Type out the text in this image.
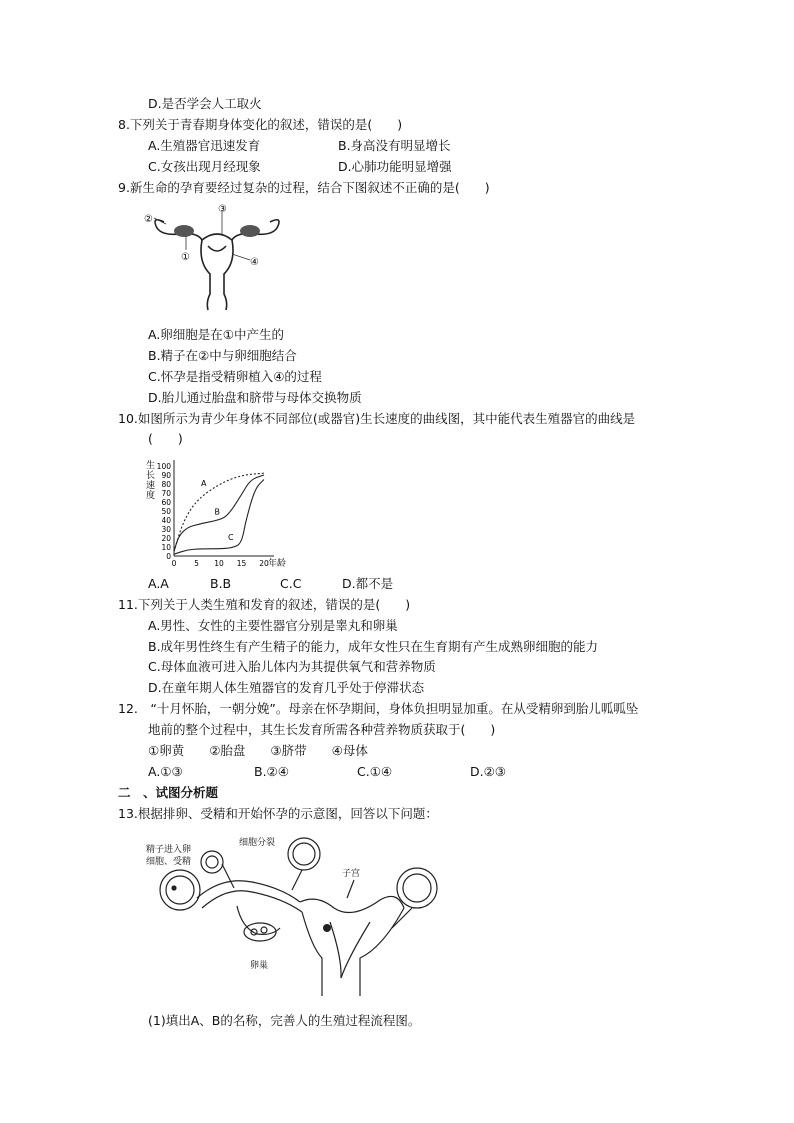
D.是否学会人工取火
8.下列关于青春期身体变化的叙述，错误的是(　　)
A.生殖器官迅速发育	B.身高没有明显增长
C.女孩出现月经现象	D.心肺功能明显增强
9.新生命的孕育要经过复杂的过程，结合下图叙述不正确的是(　　)
②
③
①	④
A.卵细胞是在①中产生的
B.精子在②中与卵细胞结合
C.怀孕是指受精卵植入④的过程
D.胎儿通过胎盘和脐带与母体交换物质
10.如图所示为青少年身体不同部位(或器官)生长速度的曲线图，其中能代表生殖器官的曲线是
(　　)
0
10
20
30
40
50
60
70
80
90
100
0 5 10 15 20
A
B
C
生长速度
年龄
A.A	B.B	C.C	D.都不是
11.下列关于人类生殖和发育的叙述，错误的是(　　)
A.男性、女性的主要性器官分别是睾丸和卵巢
B.成年男性终生有产生精子的能力，成年女性只在生育期有产生成熟卵细胞的能力
C.母体血液可进入胎儿体内为其提供氧气和营养物质
D.在童年期人体生殖器官的发育几乎处于停滞状态
12.　“十月怀胎，一朝分娩”。母亲在怀孕期间，身体负担明显加重。在从受精卵到胎儿呱呱坠
地前的整个过程中，其生长发育所需各种营养物质获取于(　　)
①卵黄　　②胎盘　　③脐带　　④母体
A.①③	B.②④	C.①④	D.②③
二　、试图分析题
13.根据排卵、受精和开始怀孕的示意图，回答以下问题：
精子进入卵
细胞、受精
细胞分裂
子宫
卵巢
(1)填出A、B的名称，完善人的生殖过程流程图。
